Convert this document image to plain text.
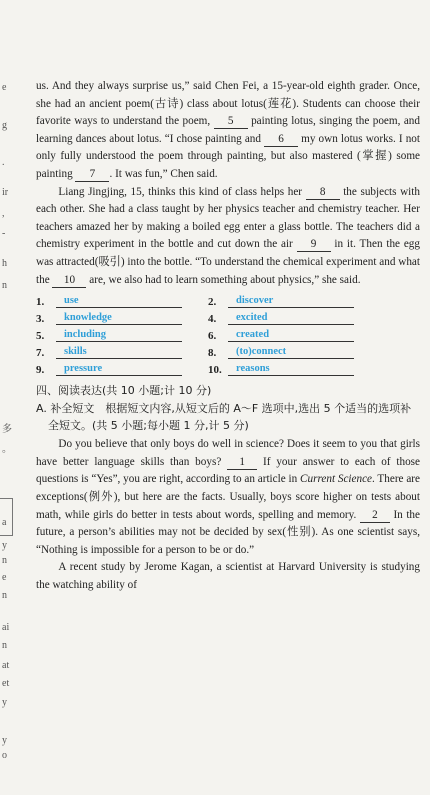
e
g
.
ir
,
-
h
n
多
。
a
y
n
e
n
ai
n
at
et
y
y
o

us. And they always surprise us,” said Chen Fei, a 15-year-old eighth grader. Once, she had an ancient poem(古诗) class about lotus(莲花). Students can choose their favorite ways to understand the poem, 5 painting lotus, singing the poem, and learning dances about lotus. “I chose painting and 6 my own lotus works. I not only fully understood the poem through painting, but also mastered (掌握) some painting 7 . It was fun,” Chen said.

Liang Jingjing, 15, thinks this kind of class helps her 8 the subjects with each other. She had a class taught by her physics teacher and chemistry teacher. Her teachers amazed her by making a boiled egg enter a glass bottle. The teachers did a chemistry experiment in the bottle and cut down the air 9 in it. Then the egg was attracted(吸引) into the bottle. “To understand the chemical experiment and what the 10 are, we also had to learn something about physics,” she said.

1.	use	2.	discover
3.	knowledge	4.	excited
5.	including	6.	created
7.	skills	8.	(to)connect
9.	pressure	10.	reasons
四、阅读表达(共 10 小题;计 10 分)

A. 补全短文　根据短文内容,从短文后的 A～F 选项中,选出 5 个适当的选项补全短文。(共 5 小题;每小题 1 分,计 5 分)

Do you believe that only boys do well in science? Does it seem to you that girls have better language skills than boys? 1 If your answer to each of those questions is “Yes”, you are right, according to an article in Current Science. There are exceptions(例外), but here are the facts. Usually, boys score higher on tests about math, while girls do better in tests about words, spelling and memory. 2 In the future, a person’s abilities may not be decided by sex(性别). As one scientist says, “Nothing is impossible for a person to be or do.”

A recent study by Jerome Kagan, a scientist at Harvard University is studying the watching ability of
